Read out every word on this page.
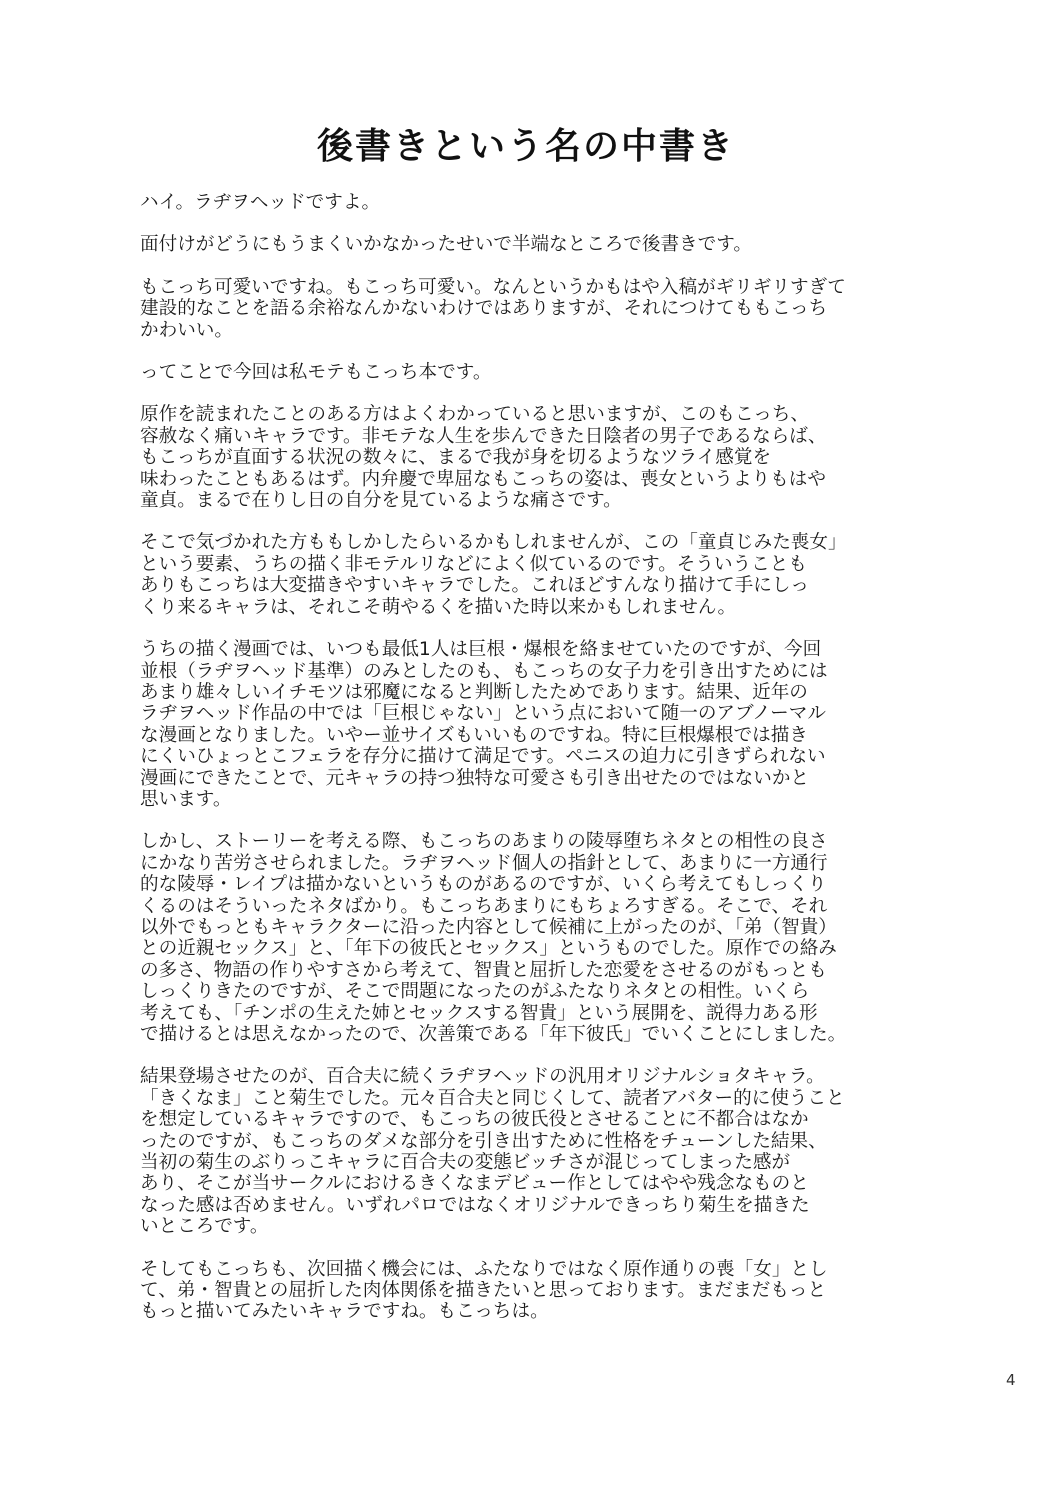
後書きという名の中書き

ハイ。ラヂヲヘッドですよ。

面付けがどうにもうまくいかなかったせいで半端なところで後書きです。

もこっち可愛いですね。もこっち可愛い。なんというかもはや入稿がギリギリすぎて
建設的なことを語る余裕なんかないわけではありますが、それにつけてももこっち
かわいい。

ってことで今回は私モテもこっち本です。

原作を読まれたことのある方はよくわかっていると思いますが、このもこっち、
容赦なく痛いキャラです。非モテな人生を歩んできた日陰者の男子であるならば、
もこっちが直面する状況の数々に、まるで我が身を切るようなツライ感覚を
味わったこともあるはず。内弁慶で卑屈なもこっちの姿は、喪女というよりもはや
童貞。まるで在りし日の自分を見ているような痛さです。

そこで気づかれた方ももしかしたらいるかもしれませんが、この「童貞じみた喪女」
という要素、うちの描く非モテルリなどによく似ているのです。そういうことも
ありもこっちは大変描きやすいキャラでした。これほどすんなり描けて手にしっ
くり来るキャラは、それこそ萌やるくを描いた時以来かもしれません。

うちの描く漫画では、いつも最低1人は巨根・爆根を絡ませていたのですが、今回
並根（ラヂヲヘッド基準）のみとしたのも、もこっちの女子力を引き出すためには
あまり雄々しいイチモツは邪魔になると判断したためであります。結果、近年の
ラヂヲヘッド作品の中では「巨根じゃない」という点において随一のアブノーマル
な漫画となりました。いやー並サイズもいいものですね。特に巨根爆根では描き
にくいひょっとこフェラを存分に描けて満足です。ペニスの迫力に引きずられない
漫画にできたことで、元キャラの持つ独特な可愛さも引き出せたのではないかと
思います。

しかし、ストーリーを考える際、もこっちのあまりの陵辱堕ちネタとの相性の良さ
にかなり苦労させられました。ラヂヲヘッド個人の指針として、あまりに一方通行
的な陵辱・レイプは描かないというものがあるのですが、いくら考えてもしっくり
くるのはそういったネタばかり。もこっちあまりにもちょろすぎる。そこで、それ
以外でもっともキャラクターに沿った内容として候補に上がったのが、「弟（智貴）
との近親セックス」と、「年下の彼氏とセックス」というものでした。原作での絡み
の多さ、物語の作りやすさから考えて、智貴と屈折した恋愛をさせるのがもっとも
しっくりきたのですが、そこで問題になったのがふたなりネタとの相性。いくら
考えても、「チンポの生えた姉とセックスする智貴」という展開を、説得力ある形
で描けるとは思えなかったので、次善策である「年下彼氏」でいくことにしました。

結果登場させたのが、百合夫に続くラヂヲヘッドの汎用オリジナルショタキャラ。
「きくなま」こと菊生でした。元々百合夫と同じくして、読者アバター的に使うこと
を想定しているキャラですので、もこっちの彼氏役とさせることに不都合はなか
ったのですが、もこっちのダメな部分を引き出すために性格をチューンした結果、
当初の菊生のぶりっこキャラに百合夫の変態ビッチさが混じってしまった感が
あり、そこが当サークルにおけるきくなまデビュー作としてはやや残念なものと
なった感は否めません。いずれパロではなくオリジナルできっちり菊生を描きた
いところです。

そしてもこっちも、次回描く機会には、ふたなりではなく原作通りの喪「女」とし
て、弟・智貴との屈折した肉体関係を描きたいと思っております。まだまだもっと
もっと描いてみたいキャラですね。もこっちは。

4
